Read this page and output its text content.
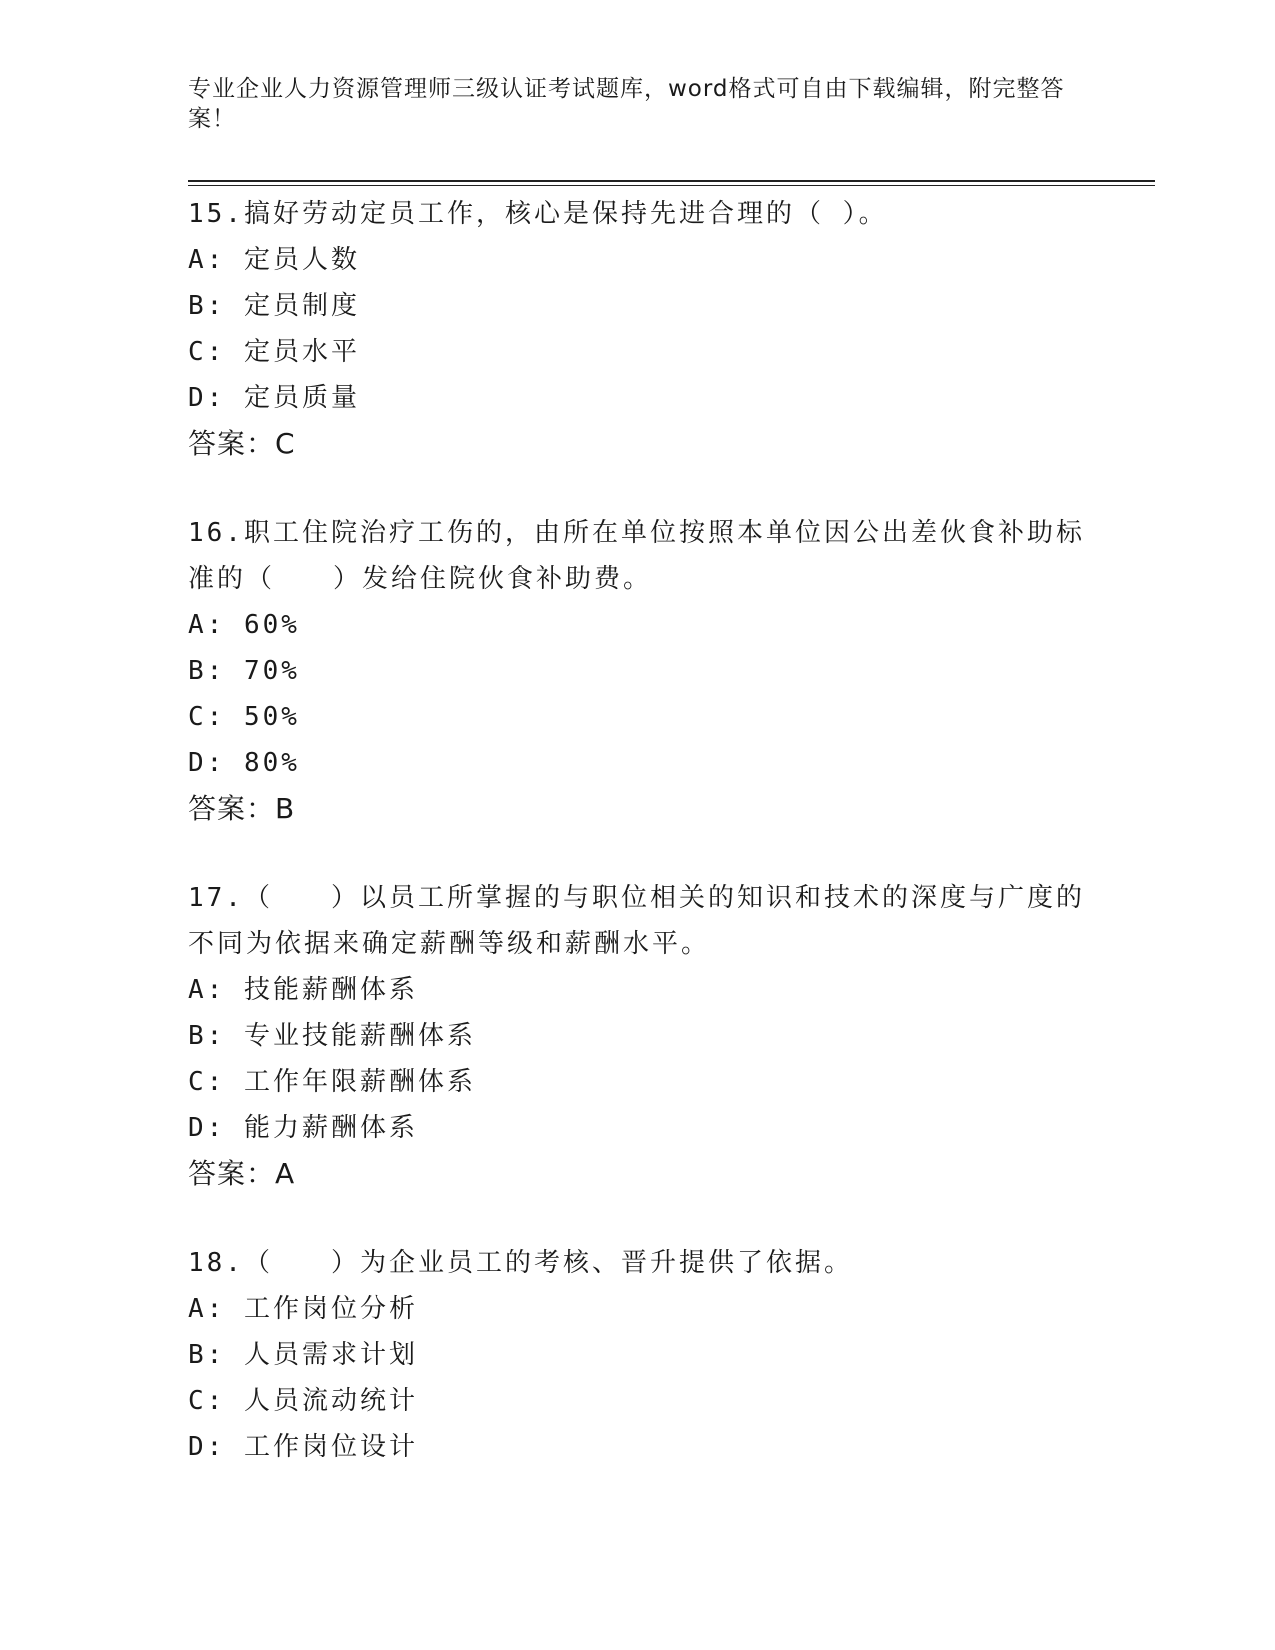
专业企业人力资源管理师三级认证考试题库，word格式可自由下载编辑，附完整答案！

15.搞好劳动定员工作，核心是保持先进合理的（ ）。

A: 定员人数

B: 定员制度

C: 定员水平

D: 定员质量

答案：C

16.职工住院治疗工伤的，由所在单位按照本单位因公出差伙食补助标准的（　　）发给住院伙食补助费。

A: 60%

B: 70%

C: 50%

D: 80%

答案：B

17.（　　）以员工所掌握的与职位相关的知识和技术的深度与广度的不同为依据来确定薪酬等级和薪酬水平。

A: 技能薪酬体系

B: 专业技能薪酬体系

C: 工作年限薪酬体系

D: 能力薪酬体系

答案：A

18.（　　）为企业员工的考核、晋升提供了依据。

A: 工作岗位分析

B: 人员需求计划

C: 人员流动统计

D: 工作岗位设计
